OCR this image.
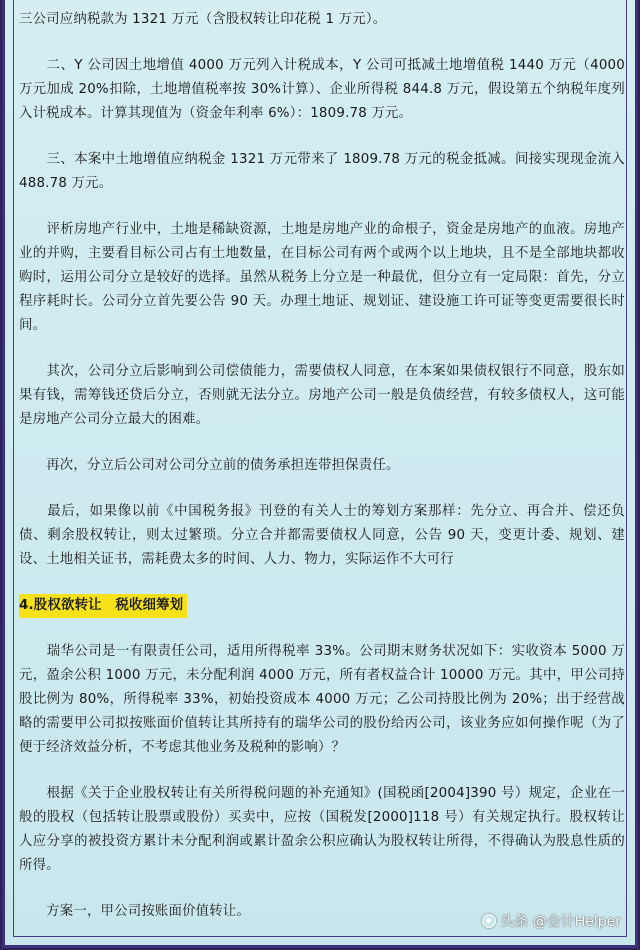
三公司应纳税款为 1321 万元（含股权转让印花税 1 万元）。

　　二、Y 公司因土地增值 4000 万元列入计税成本，Y 公司可抵减土地增值税 1440 万元（4000 万元加成 20%扣除，土地增值税率按 30%计算）、企业所得税 844.8 万元，假设第五个纳税年度列入计税成本。计算其现值为（资金年利率 6%）：1809.78 万元。

　　三、本案中土地增值应纳税金 1321 万元带来了 1809.78 万元的税金抵减。间接实现现金流入 488.78 万元。

　　评析房地产行业中，土地是稀缺资源，土地是房地产业的命根子，资金是房地产的血液。房地产业的并购，主要看目标公司占有土地数量，在目标公司有两个或两个以上地块，且不是全部地块都收购时，运用公司分立是较好的选择。虽然从税务上分立是一种最优，但分立有一定局限：首先，分立程序耗时长。公司分立首先要公告 90 天。办理土地证、规划证、建设施工许可证等变更需要很长时间。

　　其次，公司分立后影响到公司偿债能力，需要债权人同意，在本案如果债权银行不同意，股东如果有钱，需筹钱还贷后分立，否则就无法分立。房地产公司一般是负债经营，有较多债权人，这可能是房地产公司分立最大的困难。

　　再次，分立后公司对公司分立前的债务承担连带担保责任。

　　最后，如果像以前《中国税务报》刊登的有关人士的筹划方案那样：先分立、再合并、偿还负债、剩余股权转让，则太过繁琐。分立合并都需要债权人同意，公告 90 天，变更计委、规划、建设、土地相关证书，需耗费太多的时间、人力、物力，实际运作不大可行

4.股权欲转让　税收细筹划

　　瑞华公司是一有限责任公司，适用所得税率 33%。公司期末财务状况如下：实收资本 5000 万元，盈余公积 1000 万元，未分配利润 4000 万元，所有者权益合计 10000 万元。其中，甲公司持股比例为 80%，所得税率 33%，初始投资成本 4000 万元；乙公司持股比例为 20%；出于经营战略的需要甲公司拟按账面价值转让其所持有的瑞华公司的股份给丙公司，该业务应如何操作呢（为了便于经济效益分析，不考虑其他业务及税种的影响）？

　　根据《关于企业股权转让有关所得税问题的补充通知》(国税函[2004]390 号）规定，企业在一般的股权（包括转让股票或股份）买卖中，应按（国税发[2000]118 号）有关规定执行。股权转让人应分享的被投资方累计未分配利润或累计盈余公积应确认为股权转让所得，不得确认为股息性质的所得。

　　方案一，甲公司按账面价值转让。

头条 @会计Helper
